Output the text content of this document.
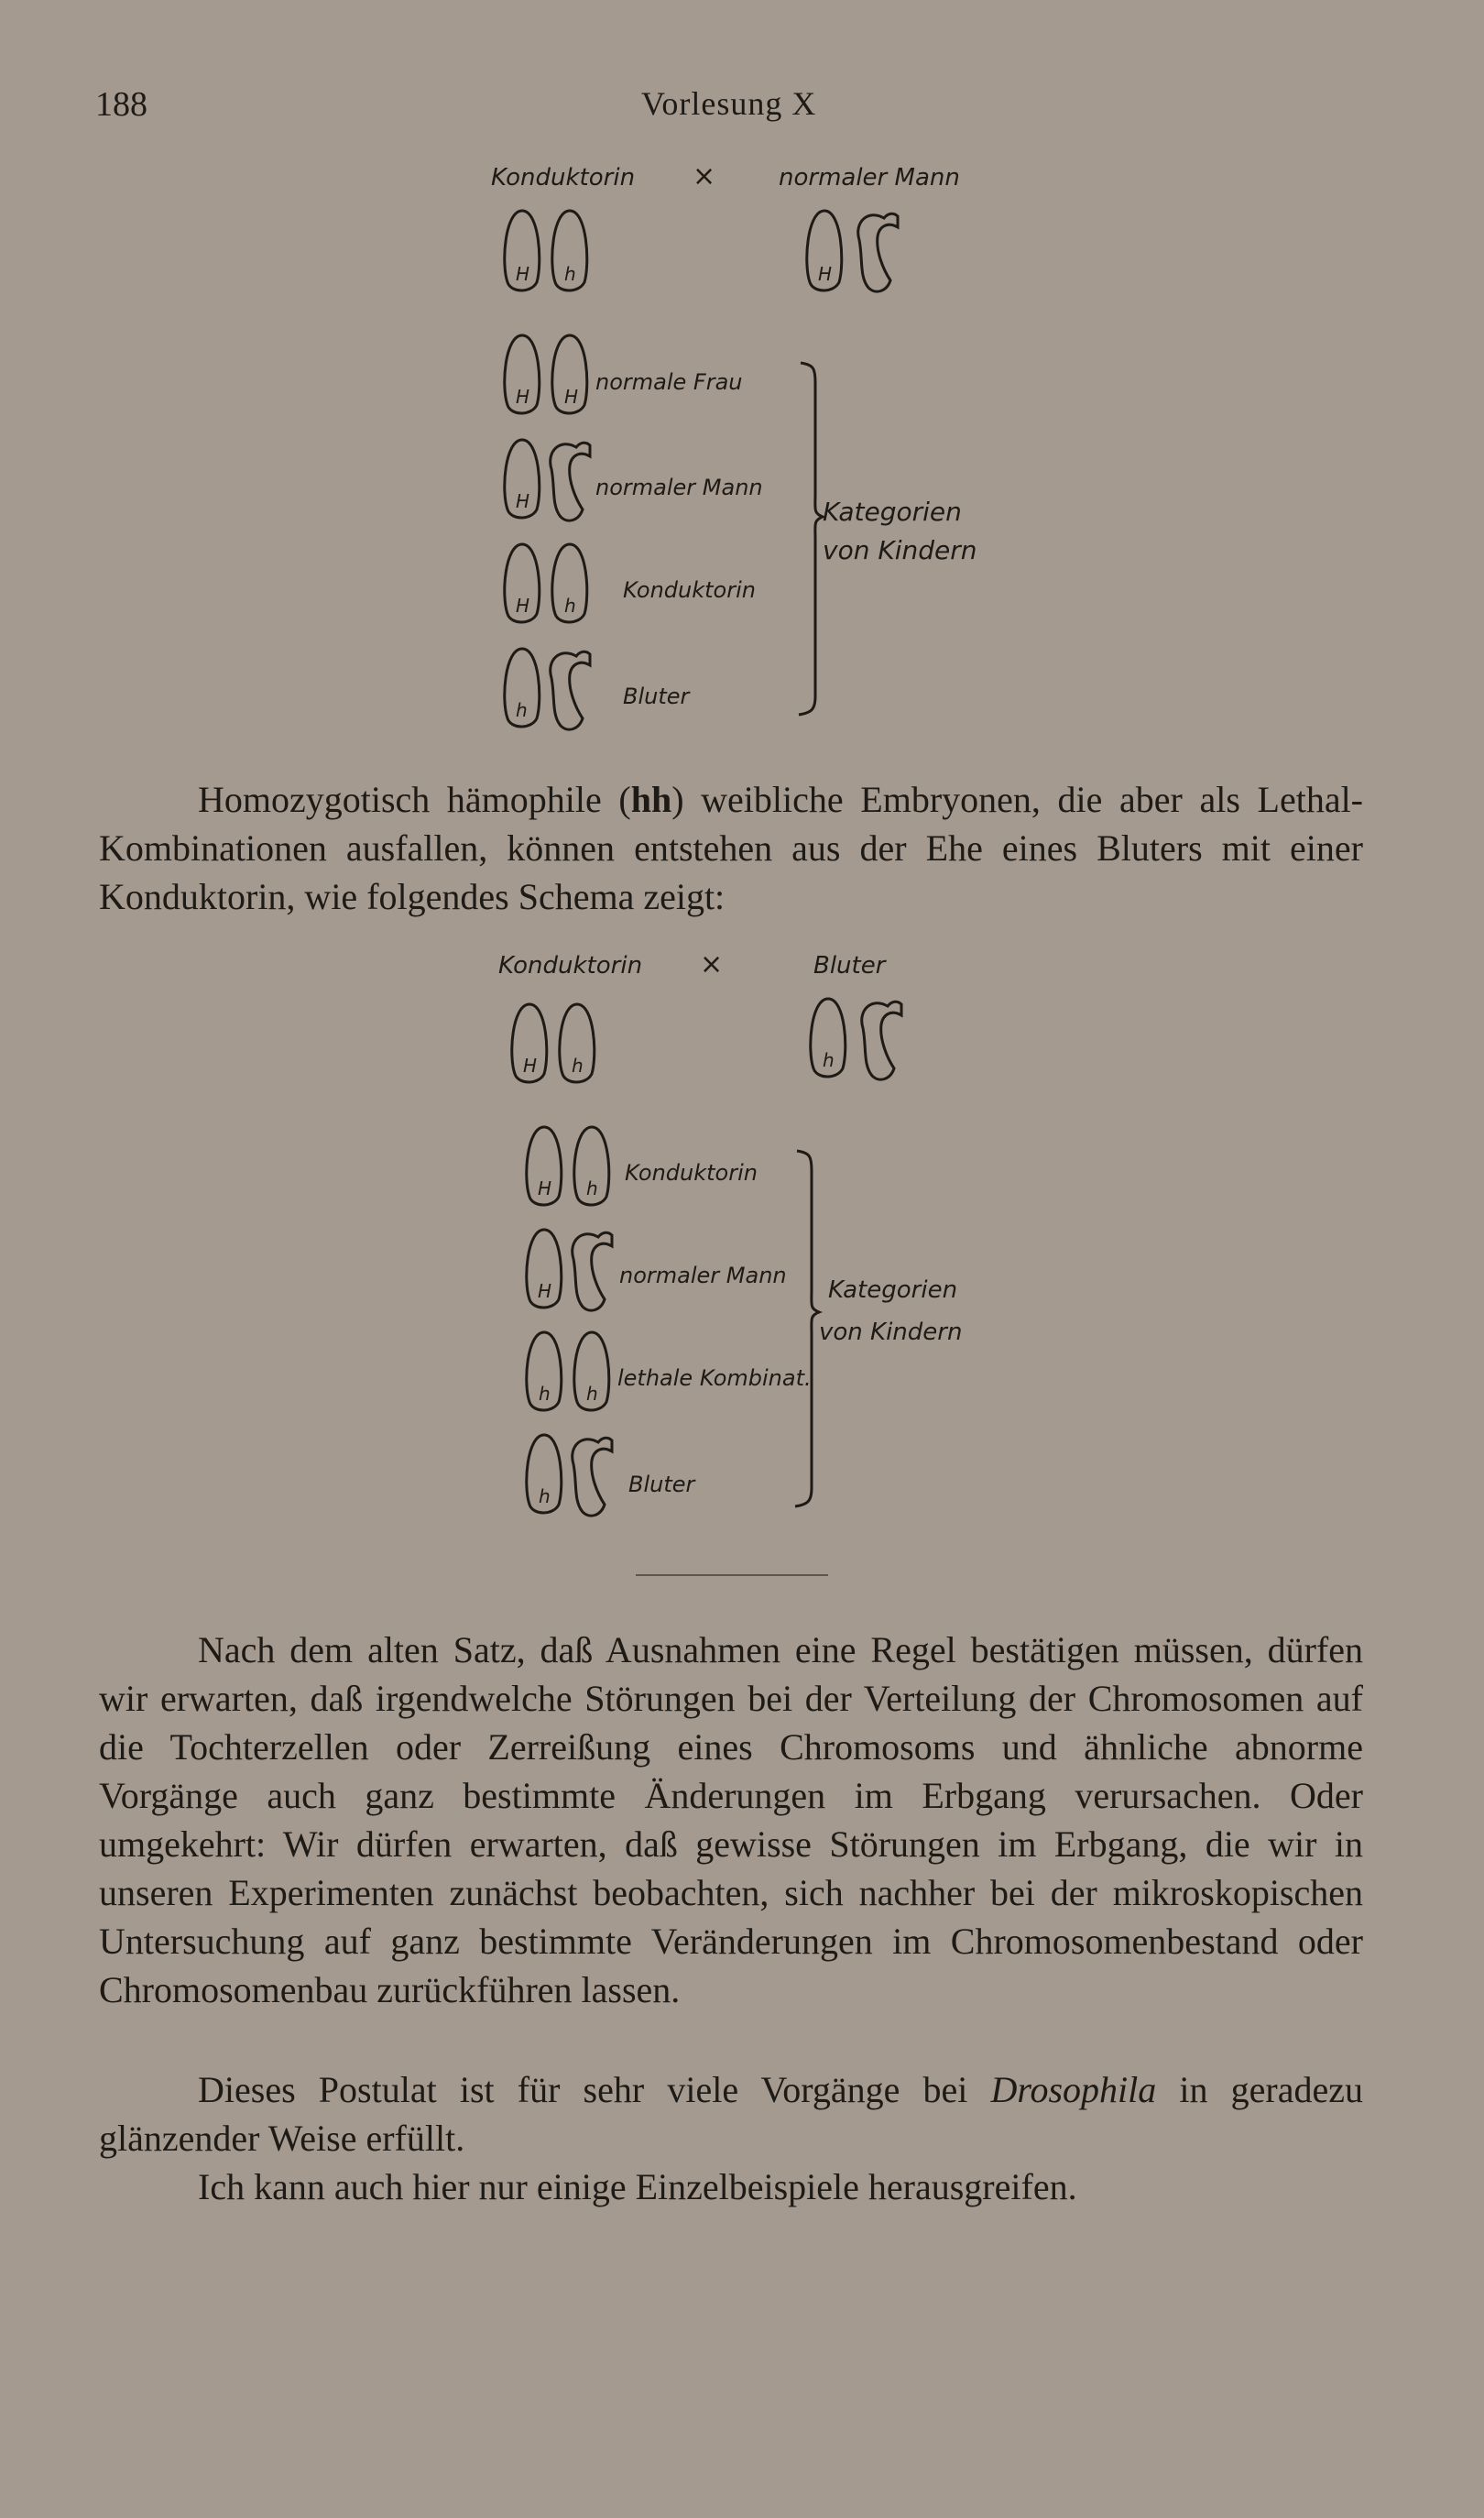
188	Vorlesung X
Konduktorin ×	normaler Mann
H h	H
H H
normale Frau
H
normaler Mann
H h
Konduktorin
h
Bluter
Kategorien
von Kindern

Homozygotisch hämophile (hh) weibliche Embryonen, die aber als Lethal-Kombinationen ausfallen, können entstehen aus der Ehe eines Bluters mit einer Konduktorin, wie folgendes Schema zeigt:

Konduktorin ×	Bluter
H h	h
H h
Konduktorin
H
normaler Mann
h h
lethale Kombinat.
h	Bluter
Kategorien
von Kindern

Nach dem alten Satz, daß Ausnahmen eine Regel bestätigen müssen, dürfen wir erwarten, daß irgendwelche Störungen bei der Verteilung der Chromosomen auf die Tochterzellen oder Zerreißung eines Chromosoms und ähnliche abnorme Vorgänge auch ganz bestimmte Änderungen im Erbgang verursachen. Oder umgekehrt: Wir dürfen erwarten, daß gewisse Störungen im Erbgang, die wir in unseren Experimenten zunächst beobachten, sich nachher bei der mikroskopischen Untersuchung auf ganz bestimmte Veränderungen im Chromosomenbestand oder Chromosomenbau zurückführen lassen.

Dieses Postulat ist für sehr viele Vorgänge bei Drosophila in geradezu glänzender Weise erfüllt.

Ich kann auch hier nur einige Einzelbeispiele herausgreifen.
